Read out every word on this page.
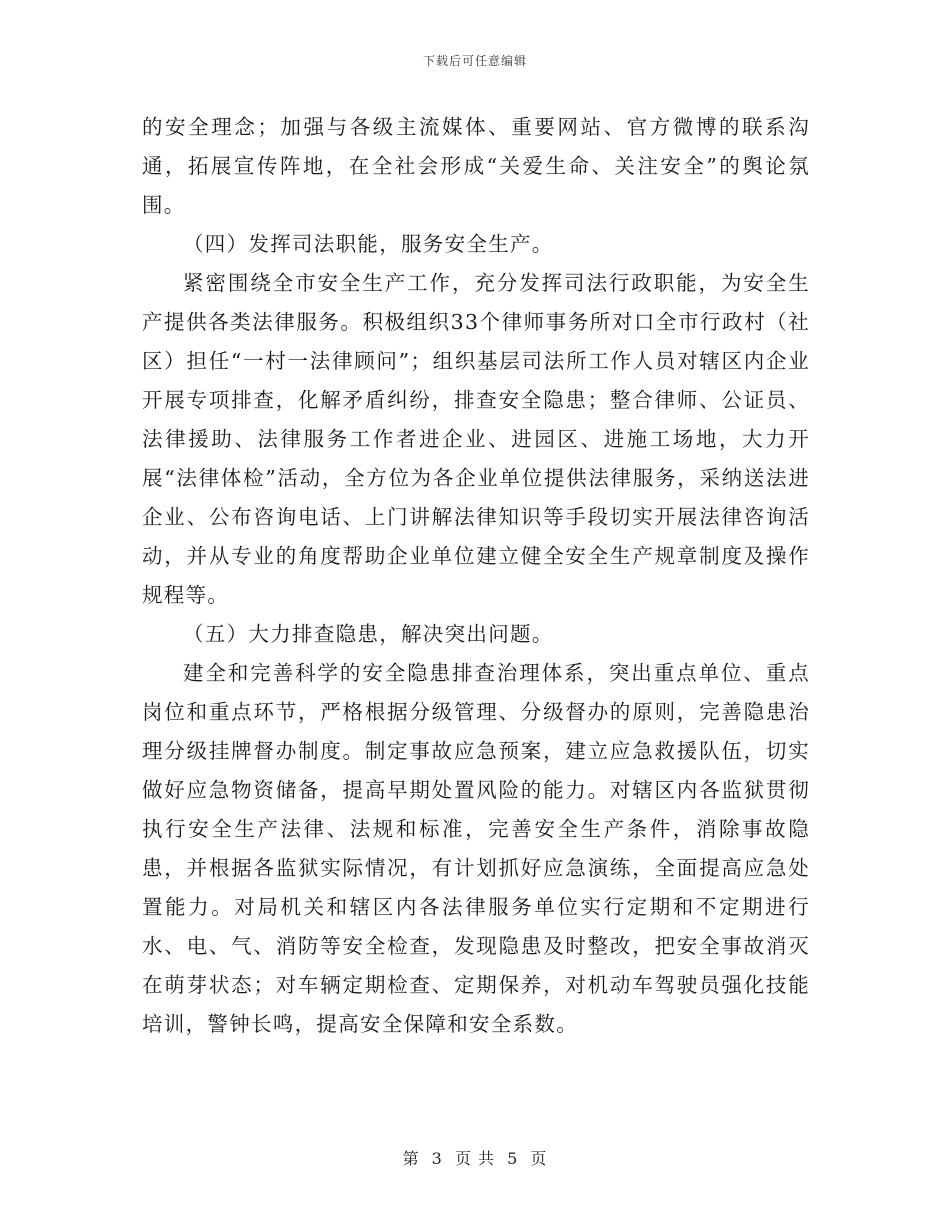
下载后可任意编辑

的安全理念；加强与各级主流媒体、重要网站、官方微博的联系沟通，拓展宣传阵地，在全社会形成“关爱生命、关注安全”的舆论氛围。

（四）发挥司法职能，服务安全生产。

紧密围绕全市安全生产工作，充分发挥司法行政职能，为安全生产提供各类法律服务。积极组织33个律师事务所对口全市行政村（社区）担任“一村一法律顾问”；组织基层司法所工作人员对辖区内企业开展专项排查，化解矛盾纠纷，排查安全隐患；整合律师、公证员、法律援助、法律服务工作者进企业、进园区、进施工场地，大力开展“法律体检”活动，全方位为各企业单位提供法律服务，采纳送法进企业、公布咨询电话、上门讲解法律知识等手段切实开展法律咨询活动，并从专业的角度帮助企业单位建立健全安全生产规章制度及操作规程等。

（五）大力排查隐患，解决突出问题。

建全和完善科学的安全隐患排查治理体系，突出重点单位、重点岗位和重点环节，严格根据分级管理、分级督办的原则，完善隐患治理分级挂牌督办制度。制定事故应急预案，建立应急救援队伍，切实做好应急物资储备，提高早期处置风险的能力。对辖区内各监狱贯彻执行安全生产法律、法规和标准，完善安全生产条件，消除事故隐患，并根据各监狱实际情况，有计划抓好应急演练，全面提高应急处置能力。对局机关和辖区内各法律服务单位实行定期和不定期进行水、电、气、消防等安全检查，发现隐患及时整改，把安全事故消灭在萌芽状态；对车辆定期检查、定期保养，对机动车驾驶员强化技能培训，警钟长鸣，提高安全保障和安全系数。

第 3 页 共 5 页
